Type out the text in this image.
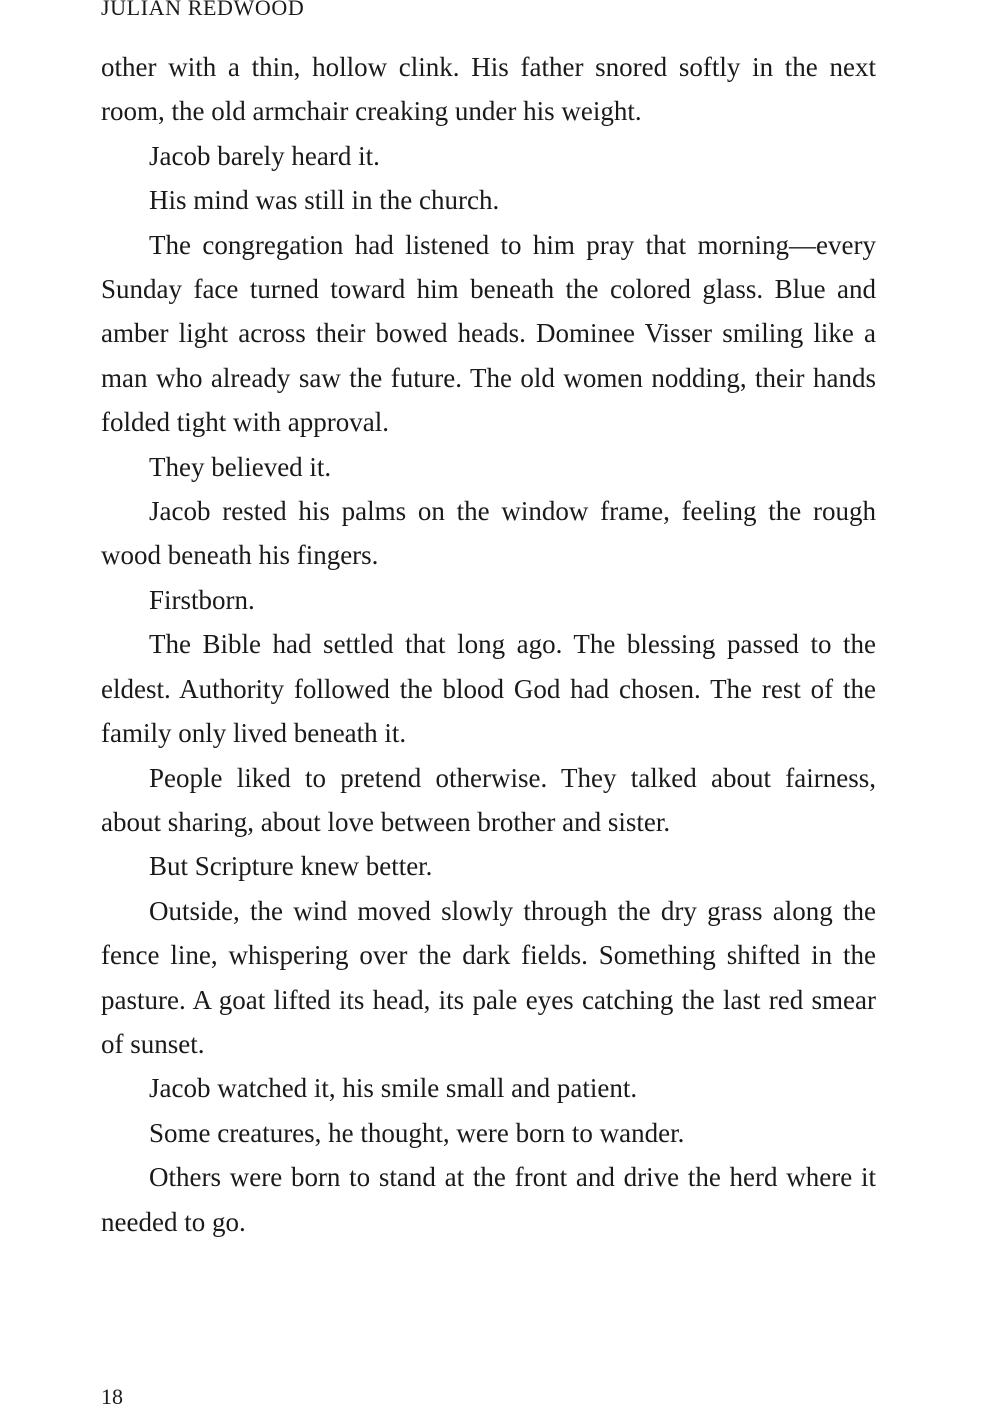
JULIAN REDWOOD

other with a thin, hollow clink. His father snored softly in the next room, the old armchair creaking under his weight.

Jacob barely heard it.

His mind was still in the church.

The congregation had listened to him pray that morning—every Sunday face turned toward him beneath the colored glass. Blue and amber light across their bowed heads. Dominee Visser smiling like a man who already saw the future. The old women nodding, their hands folded tight with approval.

They believed it.

Jacob rested his palms on the window frame, feeling the rough wood beneath his fingers.

Firstborn.

The Bible had settled that long ago. The blessing passed to the eldest. Authority followed the blood God had chosen. The rest of the family only lived beneath it.

People liked to pretend otherwise. They talked about fairness, about sharing, about love between brother and sister.

But Scripture knew better.

Outside, the wind moved slowly through the dry grass along the fence line, whispering over the dark fields. Something shifted in the pasture. A goat lifted its head, its pale eyes catching the last red smear of sunset.

Jacob watched it, his smile small and patient.

Some creatures, he thought, were born to wander.

Others were born to stand at the front and drive the herd where it needed to go.

18
